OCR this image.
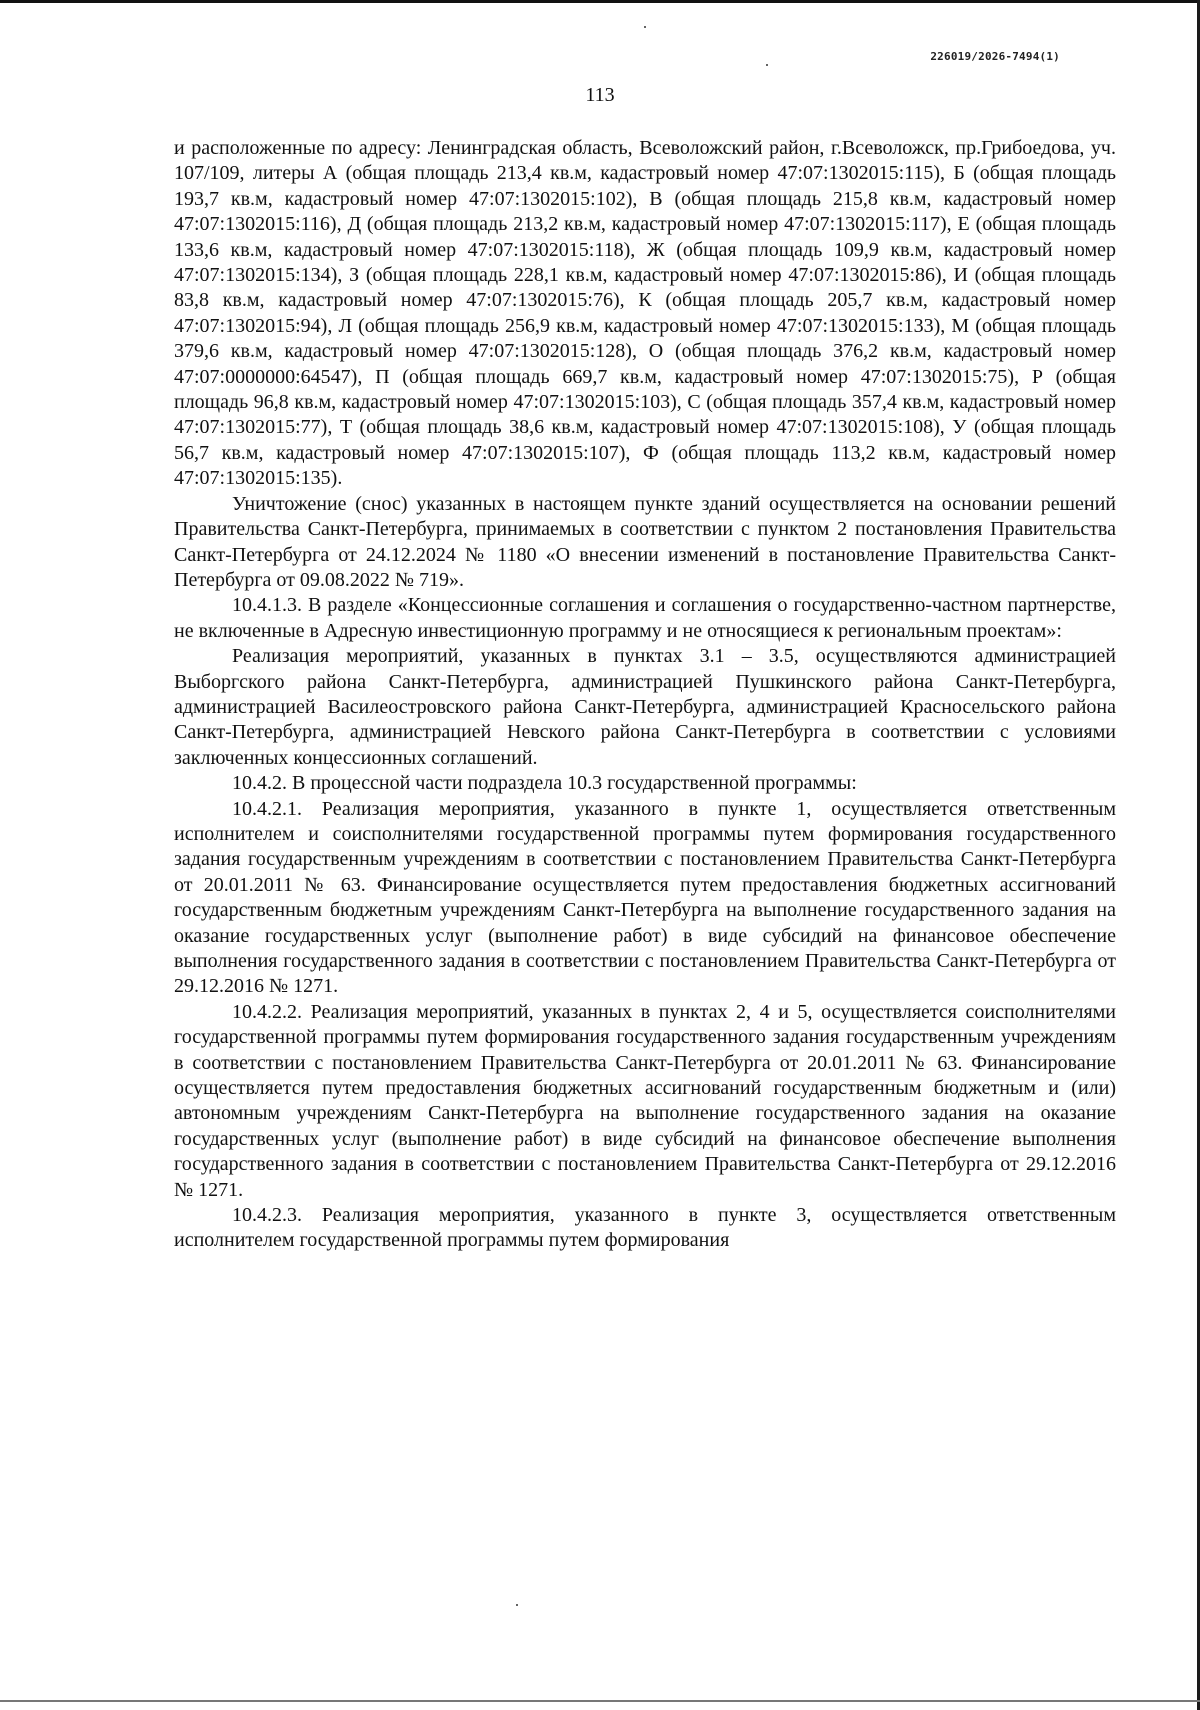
226019/2026-7494(1)
113

и расположенные по адресу: Ленинградская область, Всеволожский район, г.Всеволожск, пр.Грибоедова, уч. 107/109, литеры А (общая площадь 213,4 кв.м, кадастровый номер 47:07:1302015:115), Б (общая площадь 193,7 кв.м, кадастровый номер 47:07:1302015:102), В (общая площадь 215,8 кв.м, кадастровый номер 47:07:1302015:116), Д (общая площадь 213,2 кв.м, кадастровый номер 47:07:1302015:117), Е (общая площадь 133,6 кв.м, кадастровый номер 47:07:1302015:118), Ж (общая площадь 109,9 кв.м, кадастровый номер 47:07:1302015:134), З (общая площадь 228,1 кв.м, кадастровый номер 47:07:1302015:86), И (общая площадь 83,8 кв.м, кадастровый номер 47:07:1302015:76), К (общая площадь 205,7 кв.м, кадастровый номер 47:07:1302015:94), Л (общая площадь 256,9 кв.м, кадастровый номер 47:07:1302015:133), М (общая площадь 379,6 кв.м, кадастровый номер 47:07:1302015:128), О (общая площадь 376,2 кв.м, кадастровый номер 47:07:0000000:64547), П (общая площадь 669,7 кв.м, кадастровый номер 47:07:1302015:75), Р (общая площадь 96,8 кв.м, кадастровый номер 47:07:1302015:103), С (общая площадь 357,4 кв.м, кадастровый номер 47:07:1302015:77), Т (общая площадь 38,6 кв.м, кадастровый номер 47:07:1302015:108), У (общая площадь 56,7 кв.м, кадастровый номер 47:07:1302015:107), Ф (общая площадь 113,2 кв.м, кадастровый номер 47:07:1302015:135).

Уничтожение (снос) указанных в настоящем пункте зданий осуществляется на основании решений Правительства Санкт-Петербурга, принимаемых в соответствии с пунктом 2 постановления Правительства Санкт-Петербурга от 24.12.2024 № 1180 «О внесении изменений в постановление Правительства Санкт-Петербурга от 09.08.2022 № 719».

10.4.1.3. В разделе «Концессионные соглашения и соглашения о государственно-частном партнерстве, не включенные в Адресную инвестиционную программу и не относящиеся к региональным проектам»:

Реализация мероприятий, указанных в пунктах 3.1 – 3.5, осуществляются администрацией Выборгского района Санкт-Петербурга, администрацией Пушкинского района Санкт-Петербурга, администрацией Василеостровского района Санкт-Петербурга, администрацией Красносельского района Санкт-Петербурга, администрацией Невского района Санкт-Петербурга в соответствии с условиями заключенных концессионных соглашений.

10.4.2. В процессной части подраздела 10.3 государственной программы:

10.4.2.1. Реализация мероприятия, указанного в пункте 1, осуществляется ответственным исполнителем и соисполнителями государственной программы путем формирования государственного задания государственным учреждениям в соответствии с постановлением Правительства Санкт-Петербурга от 20.01.2011 № 63. Финансирование осуществляется путем предоставления бюджетных ассигнований государственным бюджетным учреждениям Санкт-Петербурга на выполнение государственного задания на оказание государственных услуг (выполнение работ) в виде субсидий на финансовое обеспечение выполнения государственного задания в соответствии с постановлением Правительства Санкт-Петербурга от 29.12.2016 № 1271.

10.4.2.2. Реализация мероприятий, указанных в пунктах 2, 4 и 5, осуществляется соисполнителями государственной программы путем формирования государственного задания государственным учреждениям в соответствии с постановлением Правительства Санкт-Петербурга от 20.01.2011 № 63. Финансирование осуществляется путем предоставления бюджетных ассигнований государственным бюджетным и (или) автономным учреждениям Санкт-Петербурга на выполнение государственного задания на оказание государственных услуг (выполнение работ) в виде субсидий на финансовое обеспечение выполнения государственного задания в соответствии с постановлением Правительства Санкт-Петербурга от 29.12.2016 № 1271.

10.4.2.3. Реализация мероприятия, указанного в пункте 3, осуществляется ответственным исполнителем государственной программы путем формирования
